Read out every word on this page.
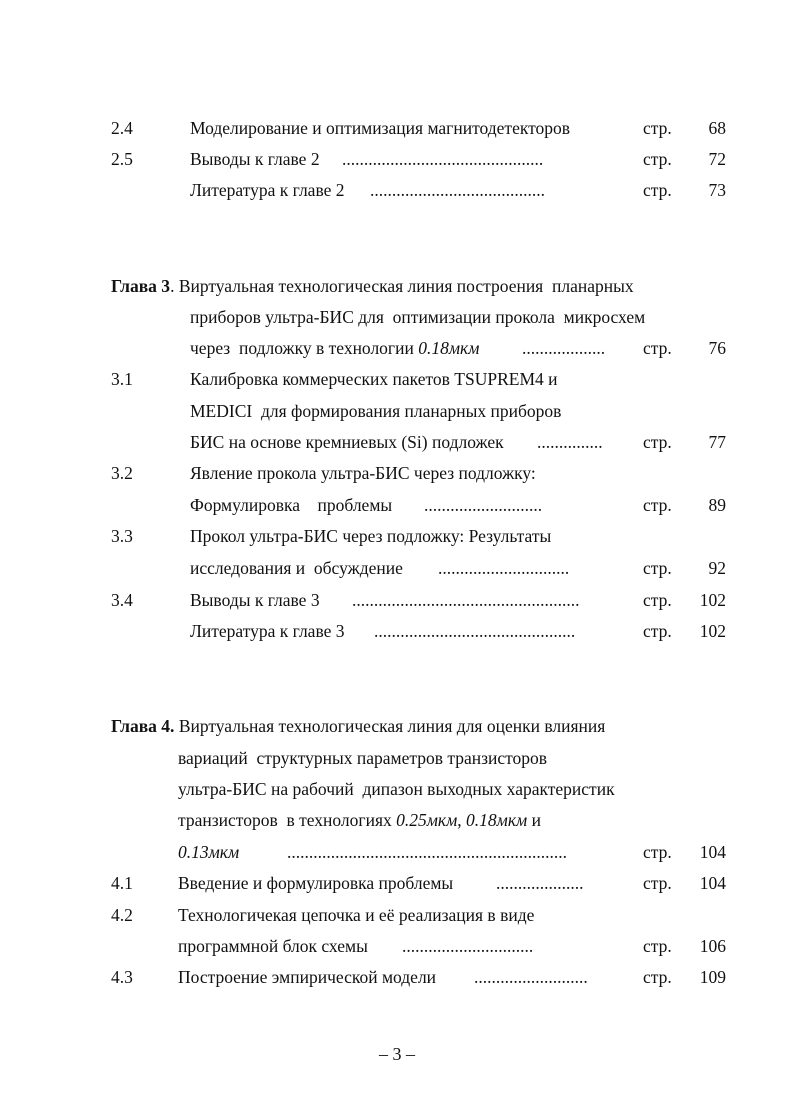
2.4	Моделирование и оптимизация магнитодетекторов	стр. 68
2.5	Выводы к главе 2 ..............................................	стр. 72
Литература к главе 2 ........................................	стр. 73
Глава 3. Виртуальная технологическая линия построения  планарных
приборов ультра-БИС для  оптимизации прокола  микросхем
через  подложку в технологии 0.18мкм ................... стр. 76
3.1	Калибровка коммерческих пакетов TSUPREM4 и
MEDICI  для формирования планарных приборов
БИС на основе кремниевых (Si) подложек ............... стр. 77
3.2	Явление прокола ультра-БИС через подложку:
Формулировка    проблемы ...........................	стр. 89
3.3	Прокол ультра-БИС через подложку: Результаты
исследования и  обсуждение ..............................	стр. 92
3.4	Выводы к главе 3 ....................................................	стр. 102
Литература к главе 3 ..............................................	стр. 102
Глава 4. Виртуальная технологическая линия для оценки влияния
вариаций  структурных параметров транзисторов
ультра-БИС на рабочий  дипазон выходных характеристик
транзисторов  в технологиях 0.25мкм, 0.18мкм и
0.13мкм	................................................................	стр. 104
4.1	Введение и формулировка проблемы ....................	стр. 104
4.2	Технологичекая цепочка и её реализация в виде
программной блок схемы ..............................	стр. 106
4.3	Построение эмпирической модели ..........................	стр. 109
– 3 –
